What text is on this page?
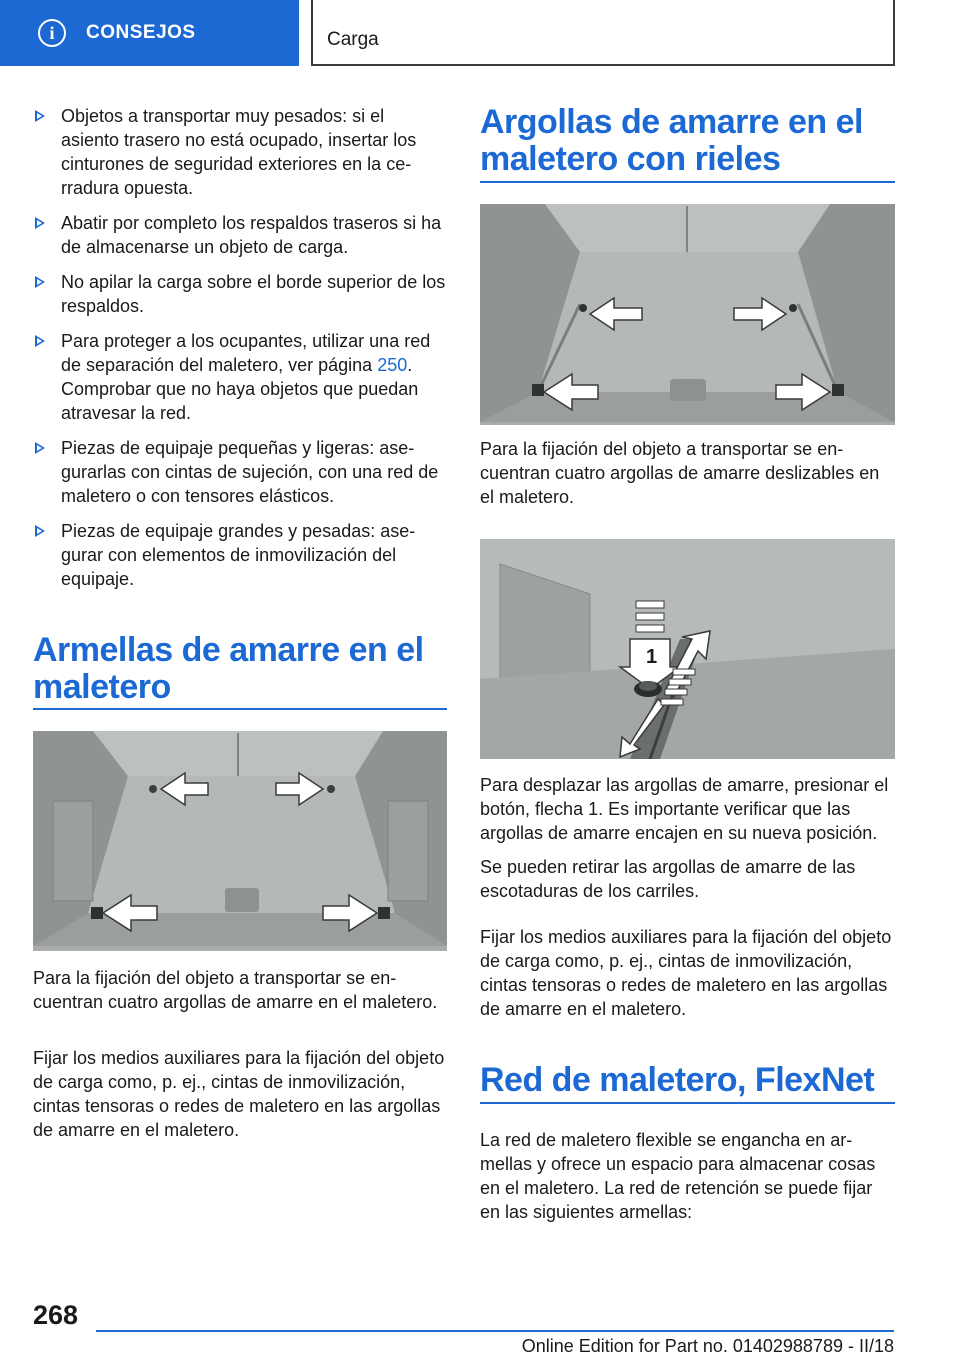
i	CONSEJOS	Carga
Objetos a transportar muy pesados: si el asiento trasero no está ocupado, insertar los cinturones de seguridad exteriores en la cerradura opuesta.
Abatir por completo los respaldos traseros si ha de almacenarse un objeto de carga.
No apilar la carga sobre el borde superior de los respaldos.
Para proteger a los ocupantes, utilizar una red de separación del maletero, ver página 250. Comprobar que no haya objetos que puedan atravesar la red.
Piezas de equipaje pequeñas y ligeras: asegurarlas con cintas de sujeción, con una red de maletero o con tensores elásticos.
Piezas de equipaje grandes y pesadas: asegurar con elementos de inmovilización del equipaje.
Armellas de amarre en el maletero
Para la fijación del objeto a transportar se encuentran cuatro argollas de amarre en el maletero.
Fijar los medios auxiliares para la fijación del objeto de carga como, p. ej., cintas de inmovilización, cintas tensoras o redes de maletero en las argollas de amarre en el maletero.
Argollas de amarre en el maletero con rieles
Para la fijación del objeto a transportar se encuentran cuatro argollas de amarre deslizables en el maletero.
1
Para desplazar las argollas de amarre, presionar el botón, flecha 1. Es importante verificar que las argollas de amarre encajen en su nueva posición.
Se pueden retirar las argollas de amarre de las escotaduras de los carriles.
Fijar los medios auxiliares para la fijación del objeto de carga como, p. ej., cintas de inmovilización, cintas tensoras o redes de maletero en las argollas de amarre en el maletero.
Red de maletero, FlexNet
La red de maletero flexible se engancha en armellas y ofrece un espacio para almacenar cosas en el maletero. La red de retención se puede fijar en las siguientes armellas:
268
Online Edition for Part no. 01402988789 - II/18
